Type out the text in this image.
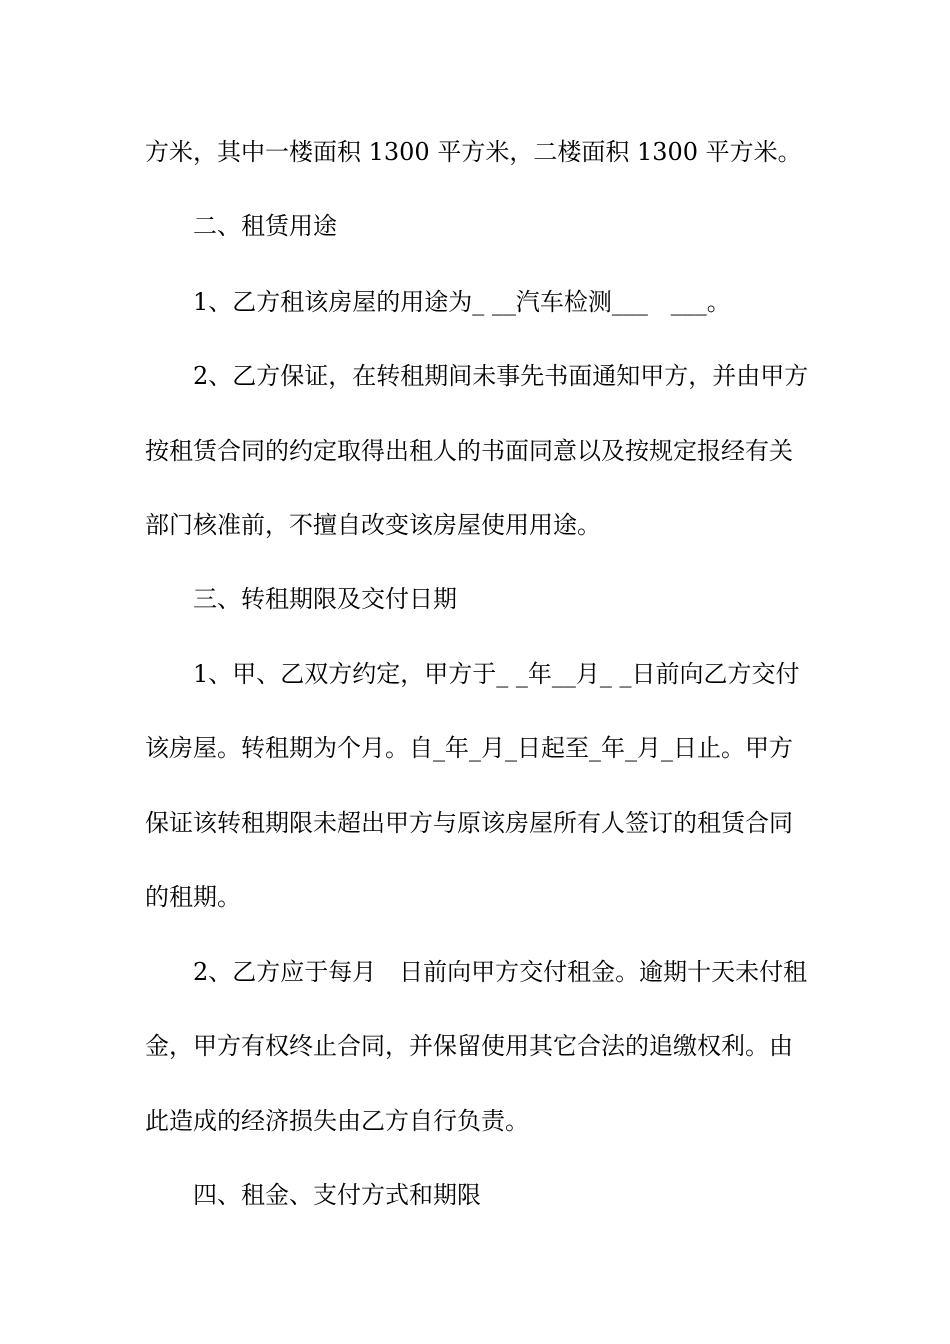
方米，其中一楼面积 1300 平方米，二楼面积 1300 平方米。
二、租赁用途
1、乙方租该房屋的用途为_ __汽车检测___   ___。
2、乙方保证，在转租期间未事先书面通知甲方，并由甲方
按租赁合同的约定取得出租人的书面同意以及按规定报经有关
部门核准前，不擅自改变该房屋使用用途。
三、转租期限及交付日期
1、甲、乙双方约定，甲方于_ _年__月_ _日前向乙方交付
该房屋。转租期为个月。自_年_月_日起至_年_月_日止。甲方
保证该转租期限未超出甲方与原该房屋所有人签订的租赁合同
的租期。
2、乙方应于每月   日前向甲方交付租金。逾期十天未付租
金，甲方有权终止合同，并保留使用其它合法的追缴权利。由
此造成的经济损失由乙方自行负责。
四、租金、支付方式和期限
